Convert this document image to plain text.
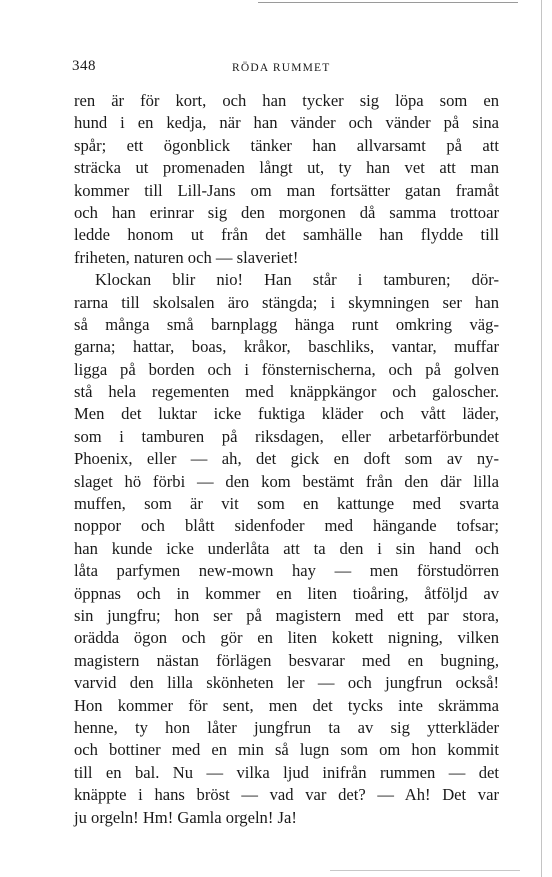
348	RÖDA RUMMET
ren är för kort, och han tycker sig löpa som en
hund i en kedja, när han vänder och vänder på sina
spår; ett ögonblick tänker han allvarsamt på att
sträcka ut promenaden långt ut, ty han vet att man
kommer till Lill-Jans om man fortsätter gatan framåt
och han erinrar sig den morgonen då samma trottoar
ledde honom ut från det samhälle han flydde till
friheten, naturen och — slaveriet!
Klockan blir nio! Han står i tamburen; dör-
rarna till skolsalen äro stängda; i skymningen ser han
så många små barnplagg hänga runt omkring väg-
garna; hattar, boas, kråkor, baschliks, vantar, muffar
ligga på borden och i fönsternischerna, och på golven
stå hela regementen med knäppkängor och galoscher.
Men det luktar icke fuktiga kläder och vått läder,
som i tamburen på riksdagen, eller arbetarförbundet
Phoenix, eller — ah, det gick en doft som av ny-
slaget hö förbi — den kom bestämt från den där lilla
muffen, som är vit som en kattunge med svarta
noppor och blått sidenfoder med hängande tofsar;
han kunde icke underlåta att ta den i sin hand och
låta parfymen new-mown hay — men förstudörren
öppnas och in kommer en liten tioåring, åtföljd av
sin jungfru; hon ser på magistern med ett par stora,
orädda ögon och gör en liten kokett nigning, vilken
magistern nästan förlägen besvarar med en bugning,
varvid den lilla skönheten ler — och jungfrun också!
Hon kommer för sent, men det tycks inte skrämma
henne, ty hon låter jungfrun ta av sig ytterkläder
och bottiner med en min så lugn som om hon kommit
till en bal. Nu — vilka ljud inifrån rummen — det
knäppte i hans bröst — vad var det? — Ah! Det var
ju orgeln! Hm! Gamla orgeln! Ja!
